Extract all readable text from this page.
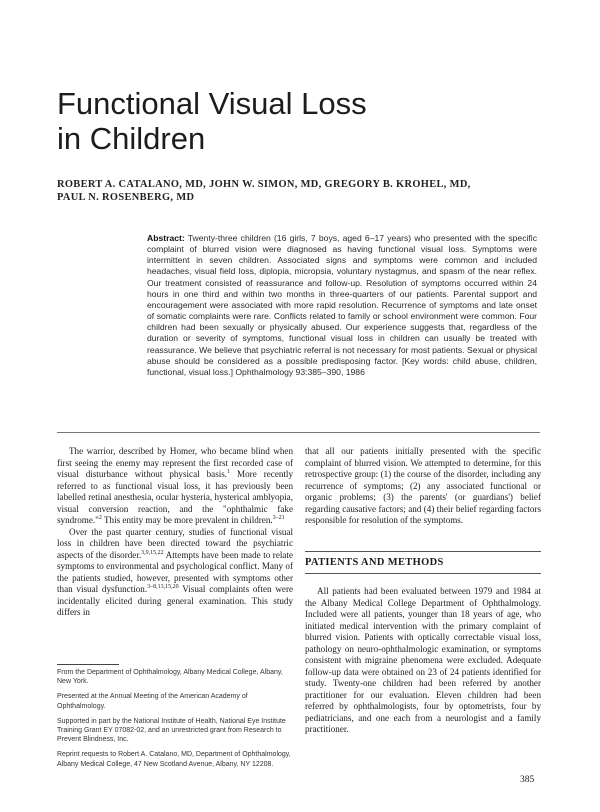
Functional Visual Loss
in Children
ROBERT A. CATALANO, MD, JOHN W. SIMON, MD, GREGORY B. KROHEL, MD,
PAUL N. ROSENBERG, MD

Abstract: Twenty-three children (16 girls, 7 boys, aged 6–17 years) who presented with the specific complaint of blurred vision were diagnosed as having functional visual loss. Symptoms were intermittent in seven children. Associated signs and symptoms were common and included headaches, visual field loss, diplopia, micropsia, voluntary nystagmus, and spasm of the near reflex. Our treatment consisted of reassurance and follow-up. Resolution of symptoms occurred within 24 hours in one third and within two months in three-quarters of our patients. Parental support and encouragement were associated with more rapid resolution. Recurrence of symptoms and late onset of somatic complaints were rare. Conflicts related to family or school environment were common. Four children had been sexually or physically abused. Our experience suggests that, regardless of the duration or severity of symptoms, functional visual loss in children can usually be treated with reassurance. We believe that psychiatric referral is not necessary for most patients. Sexual or physical abuse should be considered as a possible predisposing factor. [Key words: child abuse, children, functional, visual loss.] Ophthalmology 93:385–390, 1986

The warrior, described by Homer, who became blind when first seeing the enemy may represent the first recorded case of visual disturbance without physical basis.$^1$ More recently referred to as functional visual loss, it has previously been labelled retinal anesthesia, ocular hysteria, hysterical amblyopia, visual conversion reaction, and the "ophthalmic fake syndrome."$^2$ This entity may be more prevalent in children.$^{3-21}$

Over the past quarter century, studies of functional visual loss in children have been directed toward the psychiatric aspects of the disorder.$^{3,9,15,22}$ Attempts have been made to relate symptoms to environmental and psychological conflict. Many of the patients studied, however, presented with symptoms other than visual dysfunction.$^{3-8,13,15,20}$ Visual complaints often were incidentally elicited during general examination. This study differs in

that all our patients initially presented with the specific complaint of blurred vision. We attempted to determine, for this retrospective group: (1) the course of the disorder, including any recurrence of symptoms; (2) any associated functional or organic problems; (3) the parents' (or guardians') belief regarding causative factors; and (4) their belief regarding factors responsible for resolution of the symptoms.

PATIENTS AND METHODS

All patients had been evaluated between 1979 and 1984 at the Albany Medical College Department of Ophthalmology. Included were all patients, younger than 18 years of age, who initiated medical intervention with the primary complaint of blurred vision. Patients with optically correctable visual loss, pathology on neuro-ophthalmologic examination, or symptoms consistent with migraine phenomena were excluded. Adequate follow-up data were obtained on 23 of 24 patients identified for study. Twenty-one children had been referred by another practitioner for our evaluation. Eleven children had been referred by ophthalmologists, four by optometrists, four by pediatricians, and one each from a neurologist and a family practitioner.

From the Department of Ophthalmology, Albany Medical College, Albany, New York.

Presented at the Annual Meeting of the American Academy of Ophthalmology.

Supported in part by the National Institute of Health, National Eye Institute Training Grant EY 07082-02, and an unrestricted grant from Research to Prevent Blindness, Inc.

Reprint requests to Robert A. Catalano, MD, Department of Ophthalmology, Albany Medical College, 47 New Scotland Avenue, Albany, NY 12208.

385
